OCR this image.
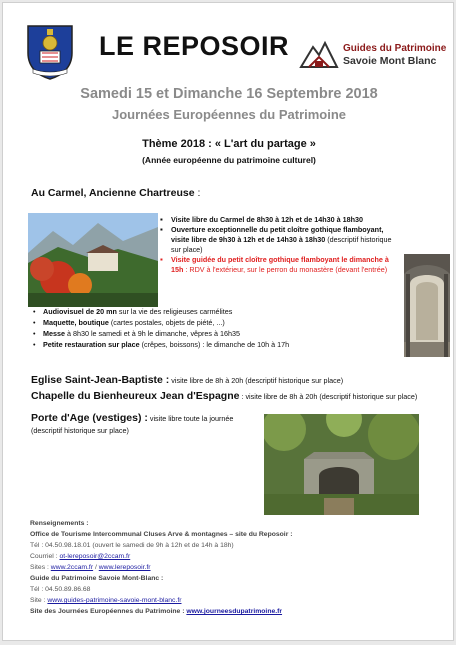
LE REPOSOIR	Guides du Patrimoine
Savoie Mont Blanc
Samedi 15 et Dimanche 16 Septembre 2018
Journées Européennes du Patrimoine
Thème 2018 : « L'art du partage »
(Année européenne du patrimoine culturel)
Au Carmel, Ancienne Chartreuse :
▪ Visite libre du Carmel de 8h30 à 12h et de 14h30 à 18h30
▪ Ouverture exceptionnelle du petit cloître gothique flamboyant, visite libre de 9h30 à 12h et de 14h30 à 18h30 (descriptif historique sur place)
▪ Visite guidée du petit cloître gothique flamboyant le dimanche à 15h : RDV à l'extérieur, sur le perron du monastère (devant l'entrée)
• Audiovisuel de 20 mn sur la vie des religieuses carmélites
• Maquette, boutique (cartes postales, objets de piété, ...)
• Messe à 8h30 le samedi et à 9h le dimanche, vêpres à 16h35
• Petite restauration sur place (crêpes, boissons) : le dimanche de 10h à 17h
Eglise Saint-Jean-Baptiste : visite libre de 8h à 20h (descriptif historique sur place)
Chapelle du Bienheureux Jean d'Espagne : visite libre de 8h à 20h (descriptif historique sur place)
Porte d'Age (vestiges) : visite libre toute la journée
(descriptif historique sur place)
Renseignements :
Office de Tourisme Intercommunal Cluses Arve & montagnes – site du Reposoir :
Tél : 04.50.98.18.01 (ouvert le samedi de 9h à 12h et de 14h à 18h)
Courriel : ot-lereposoir@2ccam.fr
Sites : www.2ccam.fr / www.lereposoir.fr
Guide du Patrimoine Savoie Mont-Blanc :
Tél : 04.50.89.86.68
Site : www.guides-patrimoine-savoie-mont-blanc.fr
Site des Journées Européennes du Patrimoine : www.journeesdupatrimoine.fr
